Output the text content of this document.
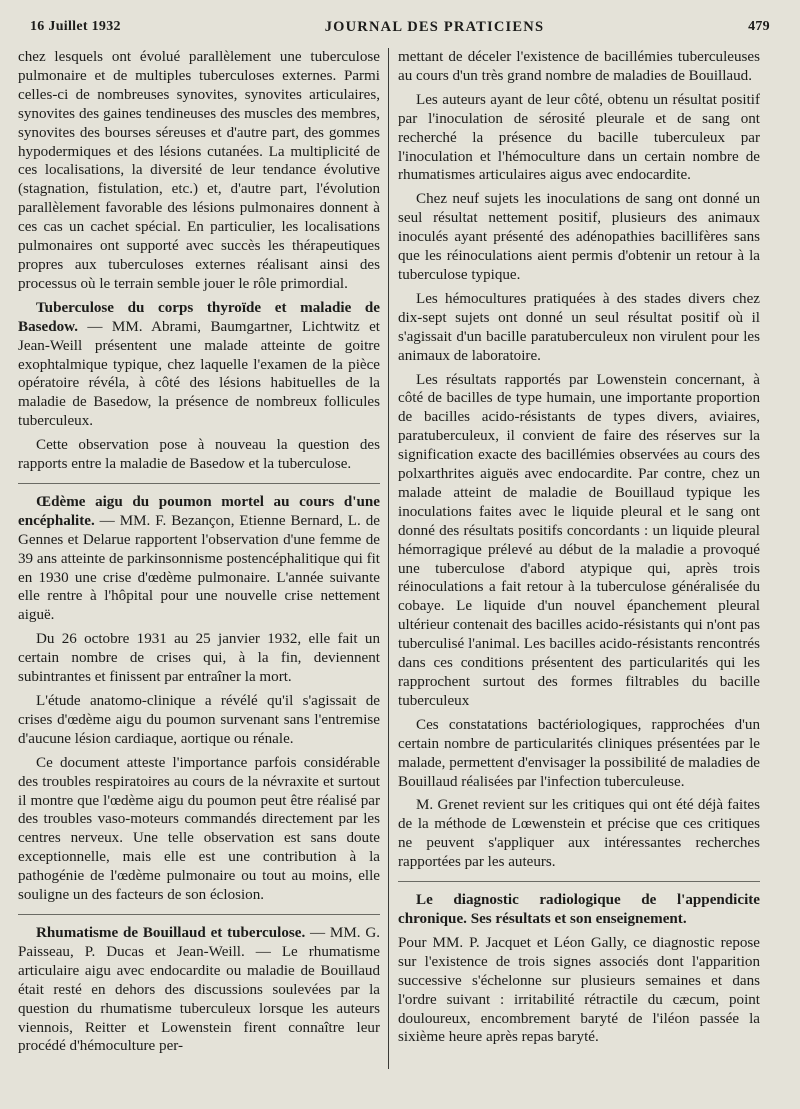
16 Juillet 1932	JOURNAL DES PRATICIENS	479

chez lesquels ont évolué parallèlement une tuberculose pulmonaire et de multiples tuberculoses externes. Parmi celles-ci de nombreuses synovites, synovites articulaires, synovites des gaines tendineuses des muscles des membres, synovites des bourses séreuses et d'autre part, des gommes hypodermiques et des lésions cutanées. La multiplicité de ces localisations, la diversité de leur tendance évolutive (stagnation, fistulation, etc.) et, d'autre part, l'évolution parallèlement favorable des lésions pulmonaires donnent à ces cas un cachet spécial. En particulier, les localisations pulmonaires ont supporté avec succès les thérapeutiques propres aux tuberculoses externes réalisant ainsi des processus où le terrain semble jouer le rôle primordial.

Tuberculose du corps thyroïde et maladie de Basedow. — MM. Abrami, Baumgartner, Lichtwitz et Jean-Weill présentent une malade atteinte de goitre exophtalmique typique, chez laquelle l'examen de la pièce opératoire révéla, à côté des lésions habituelles de la maladie de Basedow, la présence de nombreux follicules tuberculeux.

Cette observation pose à nouveau la question des rapports entre la maladie de Basedow et la tuberculose.

Œdème aigu du poumon mortel au cours d'une encéphalite. — MM. F. Bezançon, Etienne Bernard, L. de Gennes et Delarue rapportent l'observation d'une femme de 39 ans atteinte de parkinsonnisme postencéphalitique qui fit en 1930 une crise d'œdème pulmonaire. L'année suivante elle rentre à l'hôpital pour une nouvelle crise nettement aiguë.

Du 26 octobre 1931 au 25 janvier 1932, elle fait un certain nombre de crises qui, à la fin, deviennent subintrantes et finissent par entraîner la mort.

L'étude anatomo-clinique a révélé qu'il s'agissait de crises d'œdème aigu du poumon survenant sans l'entremise d'aucune lésion cardiaque, aortique ou rénale.

Ce document atteste l'importance parfois considérable des troubles respiratoires au cours de la névraxite et surtout il montre que l'œdème aigu du poumon peut être réalisé par des troubles vaso-moteurs commandés directement par les centres nerveux. Une telle observation est sans doute exceptionnelle, mais elle est une contribution à la pathogénie de l'œdème pulmonaire ou tout au moins, elle souligne un des facteurs de son éclosion.

Rhumatisme de Bouillaud et tuberculose. — MM. G. Paisseau, P. Ducas et Jean-Weill. — Le rhumatisme articulaire aigu avec endocardite ou maladie de Bouillaud était resté en dehors des discussions soulevées par la question du rhumatisme tuberculeux lorsque les auteurs viennois, Reitter et Lowenstein firent connaître leur procédé d'hémoculture per-

mettant de déceler l'existence de bacillémies tuberculeuses au cours d'un très grand nombre de maladies de Bouillaud.

Les auteurs ayant de leur côté, obtenu un résultat positif par l'inoculation de sérosité pleurale et de sang ont recherché la présence du bacille tuberculeux par l'inoculation et l'hémoculture dans un certain nombre de rhumatismes articulaires aigus avec endocardite.

Chez neuf sujets les inoculations de sang ont donné un seul résultat nettement positif, plusieurs des animaux inoculés ayant présenté des adénopathies bacillifères sans que les réinoculations aient permis d'obtenir un retour à la tuberculose typique.

Les hémocultures pratiquées à des stades divers chez dix-sept sujets ont donné un seul résultat positif où il s'agissait d'un bacille paratuberculeux non virulent pour les animaux de laboratoire.

Les résultats rapportés par Lowenstein concernant, à côté de bacilles de type humain, une importante proportion de bacilles acido-résistants de types divers, aviaires, paratuberculeux, il convient de faire des réserves sur la signification exacte des bacillémies observées au cours des polxarthrites aiguës avec endocardite. Par contre, chez un malade atteint de maladie de Bouillaud typique les inoculations faites avec le liquide pleural et le sang ont donné des résultats positifs concordants : un liquide pleural hémorragique prélevé au début de la maladie a provoqué une tuberculose d'abord atypique qui, après trois réinoculations a fait retour à la tuberculose généralisée du cobaye. Le liquide d'un nouvel épanchement pleural ultérieur contenait des bacilles acido-résistants qui n'ont pas tuberculisé l'animal. Les bacilles acido-résistants rencontrés dans ces conditions présentent des particularités qui les rapprochent surtout des formes filtrables du bacille tuberculeux

Ces constatations bactériologiques, rapprochées d'un certain nombre de particularités cliniques présentées par le malade, permettent d'envisager la possibilité de maladies de Bouillaud réalisées par l'infection tuberculeuse.

M. Grenet revient sur les critiques qui ont été déjà faites de la méthode de Lœwenstein et précise que ces critiques ne peuvent s'appliquer aux intéressantes recherches rapportées par les auteurs.

Le diagnostic radiologique de l'appendicite chronique. Ses résultats et son enseignement.

Pour MM. P. Jacquet et Léon Gally, ce diagnostic repose sur l'existence de trois signes associés dont l'apparition successive s'échelonne sur plusieurs semaines et dans l'ordre suivant : irritabilité rétractile du cæcum, point douloureux, encombrement baryté de l'iléon passée la sixième heure après repas baryté.
